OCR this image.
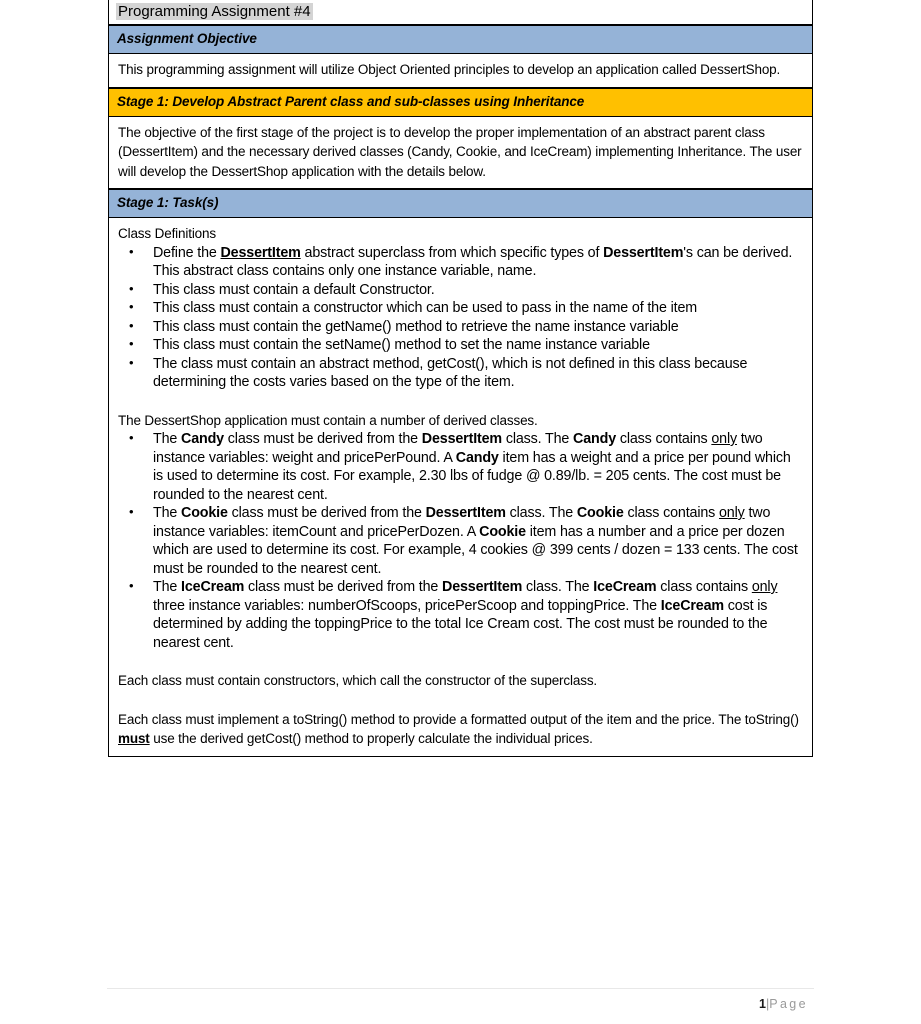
Programming Assignment #4
Assignment Objective

This programming assignment will utilize Object Oriented principles to develop an application called DessertShop.

Stage 1: Develop Abstract Parent class and sub-classes using Inheritance

The objective of the first stage of the project is to develop the proper implementation of an abstract parent class (DessertItem) and the necessary derived classes (Candy, Cookie, and IceCream) implementing Inheritance. The user will develop the DessertShop application with the details below.

Stage 1: Task(s)

Class Definitions

• Define the DessertItem abstract superclass from which specific types of DessertItem's can be derived. This abstract class contains only one instance variable, name.
• This class must contain a default Constructor.
• This class must contain a constructor which can be used to pass in the name of the item
• This class must contain the getName() method to retrieve the name instance variable
• This class must contain the setName() method to set the name instance variable
• The class must contain an abstract method, getCost(), which is not defined in this class because determining the costs varies based on the type of the item.

The DessertShop application must contain a number of derived classes.

• The Candy class must be derived from the DessertItem class. The Candy class contains only two instance variables: weight and pricePerPound. A Candy item has a weight and a price per pound which is used to determine its cost. For example, 2.30 lbs of fudge @ 0.89/lb. = 205 cents. The cost must be rounded to the nearest cent.
• The Cookie class must be derived from the DessertItem class. The Cookie class contains only two instance variables: itemCount and pricePerDozen. A Cookie item has a number and a price per dozen which are used to determine its cost. For example, 4 cookies @ 399 cents / dozen = 133 cents. The cost must be rounded to the nearest cent.
• The IceCream class must be derived from the DessertItem class. The IceCream class contains only three instance variables: numberOfScoops, pricePerScoop and toppingPrice. The IceCream cost is determined by adding the toppingPrice to the total Ice Cream cost. The cost must be rounded to the nearest cent.

Each class must contain constructors, which call the constructor of the superclass.

Each class must implement a toString() method to provide a formatted output of the item and the price. The toString() must use the derived getCost() method to properly calculate the individual prices.

1|Page
